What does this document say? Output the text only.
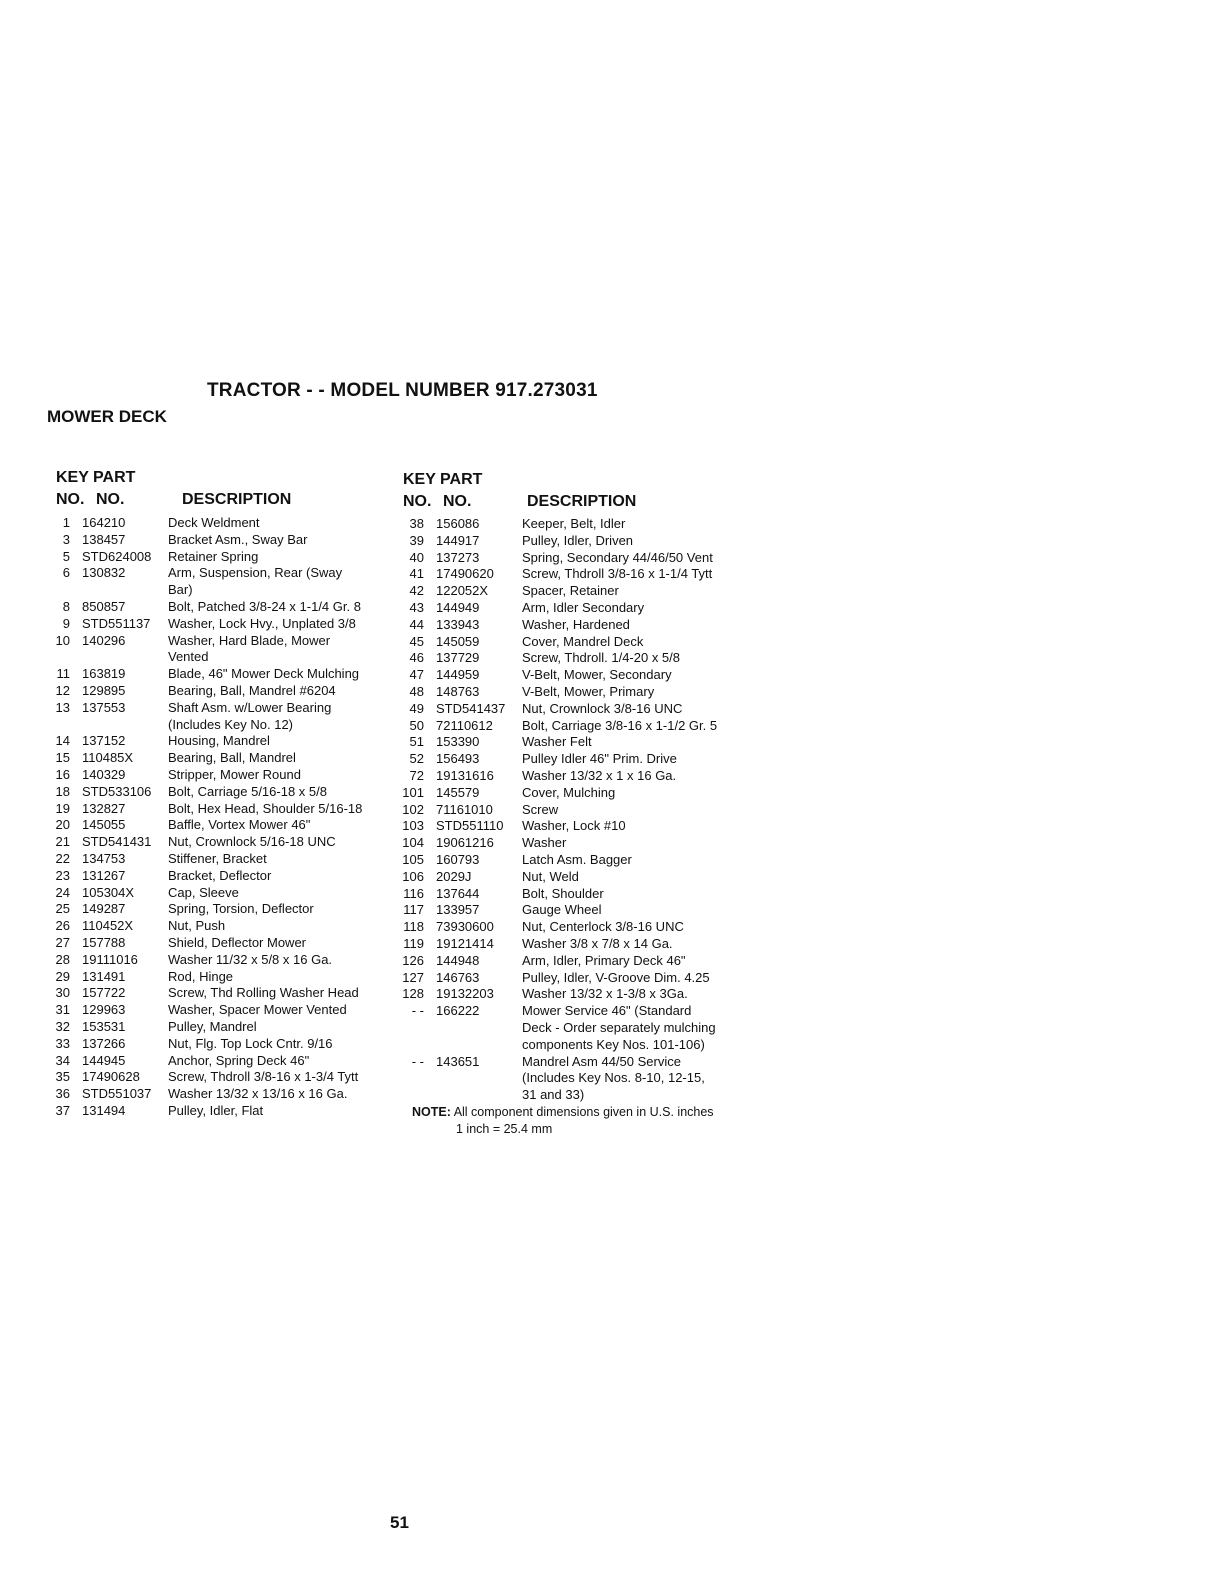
TRACTOR - - MODEL NUMBER 917.273031
MOWER DECK
KEY PART
NO. NO.	DESCRIPTION
KEY PART
NO. NO.	DESCRIPTION
1 164210	Deck Weldment
3 138457	Bracket Asm., Sway Bar
5 STD624008 Retainer Spring
6 130832	Arm, Suspension, Rear (Sway
Bar)
8 850857	Bolt, Patched 3/8-24 x 1-1/4 Gr. 8
9 STD551137 Washer, Lock Hvy., Unplated 3/8
10 140296	Washer, Hard Blade, Mower
Vented
11 163819	Blade, 46" Mower Deck Mulching
12 129895	Bearing, Ball, Mandrel #6204
13 137553	Shaft Asm. w/Lower Bearing
(Includes Key No. 12)
14 137152	Housing, Mandrel
15 110485X	Bearing, Ball, Mandrel
16 140329	Stripper, Mower Round
18 STD533106 Bolt, Carriage 5/16-18 x 5/8
19 132827	Bolt, Hex Head, Shoulder 5/16-18
20 145055	Baffle, Vortex Mower 46"
21 STD541431 Nut, Crownlock 5/16-18 UNC
22 134753	Stiffener, Bracket
23 131267	Bracket, Deflector
24 105304X	Cap, Sleeve
25 149287	Spring, Torsion, Deflector
26 110452X	Nut, Push
27 157788	Shield, Deflector Mower
28 19111016 Washer 11/32 x 5/8 x 16 Ga.
29 131491	Rod, Hinge
30 157722	Screw, Thd Rolling Washer Head
31 129963	Washer, Spacer Mower Vented
32 153531	Pulley, Mandrel
33 137266	Nut, Flg. Top Lock Cntr. 9/16
34 144945	Anchor, Spring Deck 46"
35 17490628 Screw, Thdroll 3/8-16 x 1-3/4 Tytt
36 STD551037 Washer 13/32 x 13/16 x 16 Ga.
37 131494	Pulley, Idler, Flat
38 156086	Keeper, Belt, Idler
39 144917	Pulley, Idler, Driven
40 137273	Spring, Secondary 44/46/50 Vent
41 17490620 Screw, Thdroll 3/8-16 x 1-1/4 Tytt
42 122052X	Spacer, Retainer
43 144949	Arm, Idler Secondary
44 133943	Washer, Hardened
45 145059	Cover, Mandrel Deck
46 137729	Screw, Thdroll. 1/4-20 x 5/8
47 144959	V-Belt, Mower, Secondary
48 148763	V-Belt, Mower, Primary
49 STD541437 Nut, Crownlock 3/8-16 UNC
50 72110612 Bolt, Carriage 3/8-16 x 1-1/2 Gr. 5
51 153390	Washer Felt
52 156493	Pulley Idler 46" Prim. Drive
72 19131616 Washer 13/32 x 1 x 16 Ga.
101 145579	Cover, Mulching
102 71161010 Screw
103 STD551110 Washer, Lock #10
104 19061216 Washer
105 160793	Latch Asm. Bagger
106 2029J	Nut, Weld
116 137644	Bolt, Shoulder
117 133957	Gauge Wheel
118 73930600 Nut, Centerlock 3/8-16 UNC
119 19121414 Washer 3/8 x 7/8 x 14 Ga.
126 144948	Arm, Idler, Primary Deck 46"
127 146763	Pulley, Idler, V-Groove Dim. 4.25
128 19132203 Washer 13/32 x 1-3/8 x 3Ga.
- - 166222	Mower Service 46" (Standard
Deck - Order separately mulching
components Key Nos. 101-106)
- - 143651	Mandrel Asm 44/50 Service
(Includes Key Nos. 8-10, 12-15,
31 and 33)
NOTE: All component dimensions given in U.S. inches
1 inch = 25.4 mm
51
